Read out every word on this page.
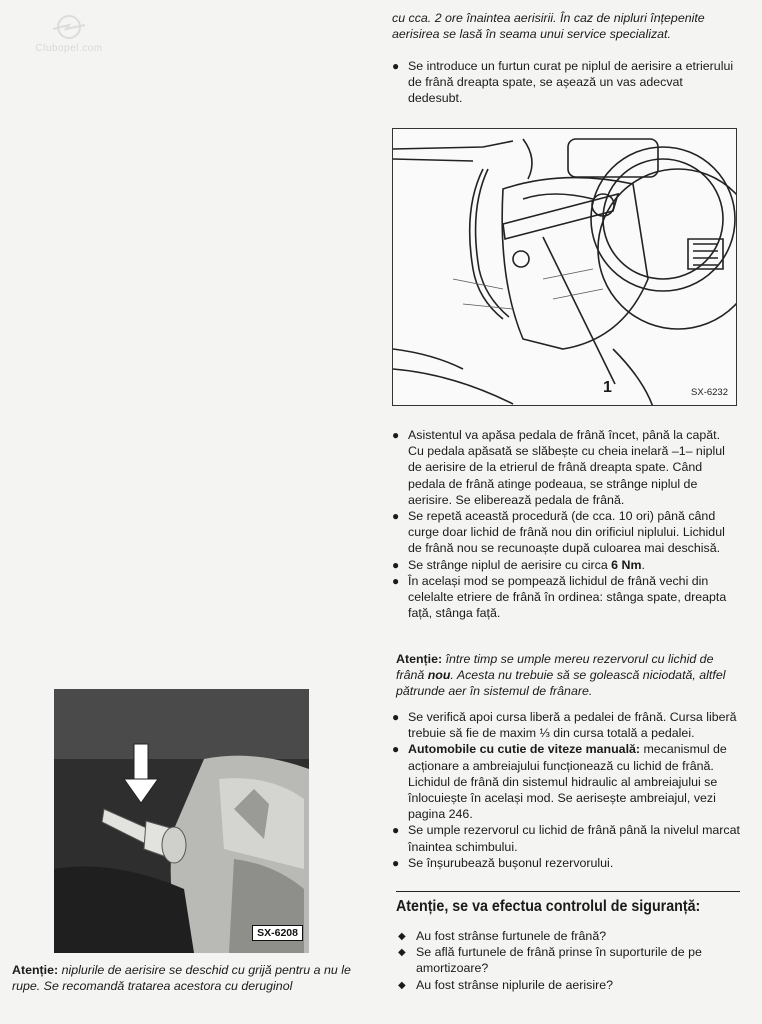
Clubopel.com
cu cca. 2 ore înaintea aerisirii. În caz de nipluri înțepenite aerisirea se lasă în seama unui service specializat.
● Se introduce un furtun curat pe niplul de aerisire a etrierului de frână dreapta spate, se așează un vas adecvat dedesubt.
1	SX-6232
● Asistentul va apăsa pedala de frână încet, până la capăt. Cu pedala apăsată se slăbește cu cheia inelară –1– niplul de aerisire de la etrierul de frână dreapta spate. Când pedala de frână atinge podeaua, se strânge niplul de aerisire. Se eliberează pedala de frână.
● Se repetă această procedură (de cca. 10 ori) până când curge doar lichid de frână nou din orificiul niplului. Lichidul de frână nou se recunoaște după culoarea mai deschisă.
● Se strânge niplul de aerisire cu circa 6 Nm.
● În același mod se pompează lichidul de frână vechi din celelalte etriere de frână în ordinea: stânga spate, dreapta față, stânga față.
Atenție: între timp se umple mereu rezervorul cu lichid de frână nou. Acesta nu trebuie să se golească niciodată, altfel pătrunde aer în sistemul de frânare.
● Se verifică apoi cursa liberă a pedalei de frână. Cursa liberă trebuie să fie de maxim ⅓ din cursa totală a pedalei.
● Automobile cu cutie de viteze manuală: mecanismul de acționare a ambreiajului funcționează cu lichid de frână. Lichidul de frână din sistemul hidraulic al ambreiajului se înlocuiește în același mod. Se aerisește ambreiajul, vezi pagina 246.
● Se umple rezervorul cu lichid de frână până la nivelul marcat înaintea schimbului.
● Se înșurubează bușonul rezervorului.
Atenție, se va efectua controlul de siguranță:
◆ Au fost strânse furtunele de frână?
◆ Se află furtunele de frână prinse în suporturile de pe amortizoare?
◆ Au fost strânse niplurile de aerisire?
SX-6208
Atenție: niplurile de aerisire se deschid cu grijă pentru a nu le rupe. Se recomandă tratarea acestora cu deruginol
